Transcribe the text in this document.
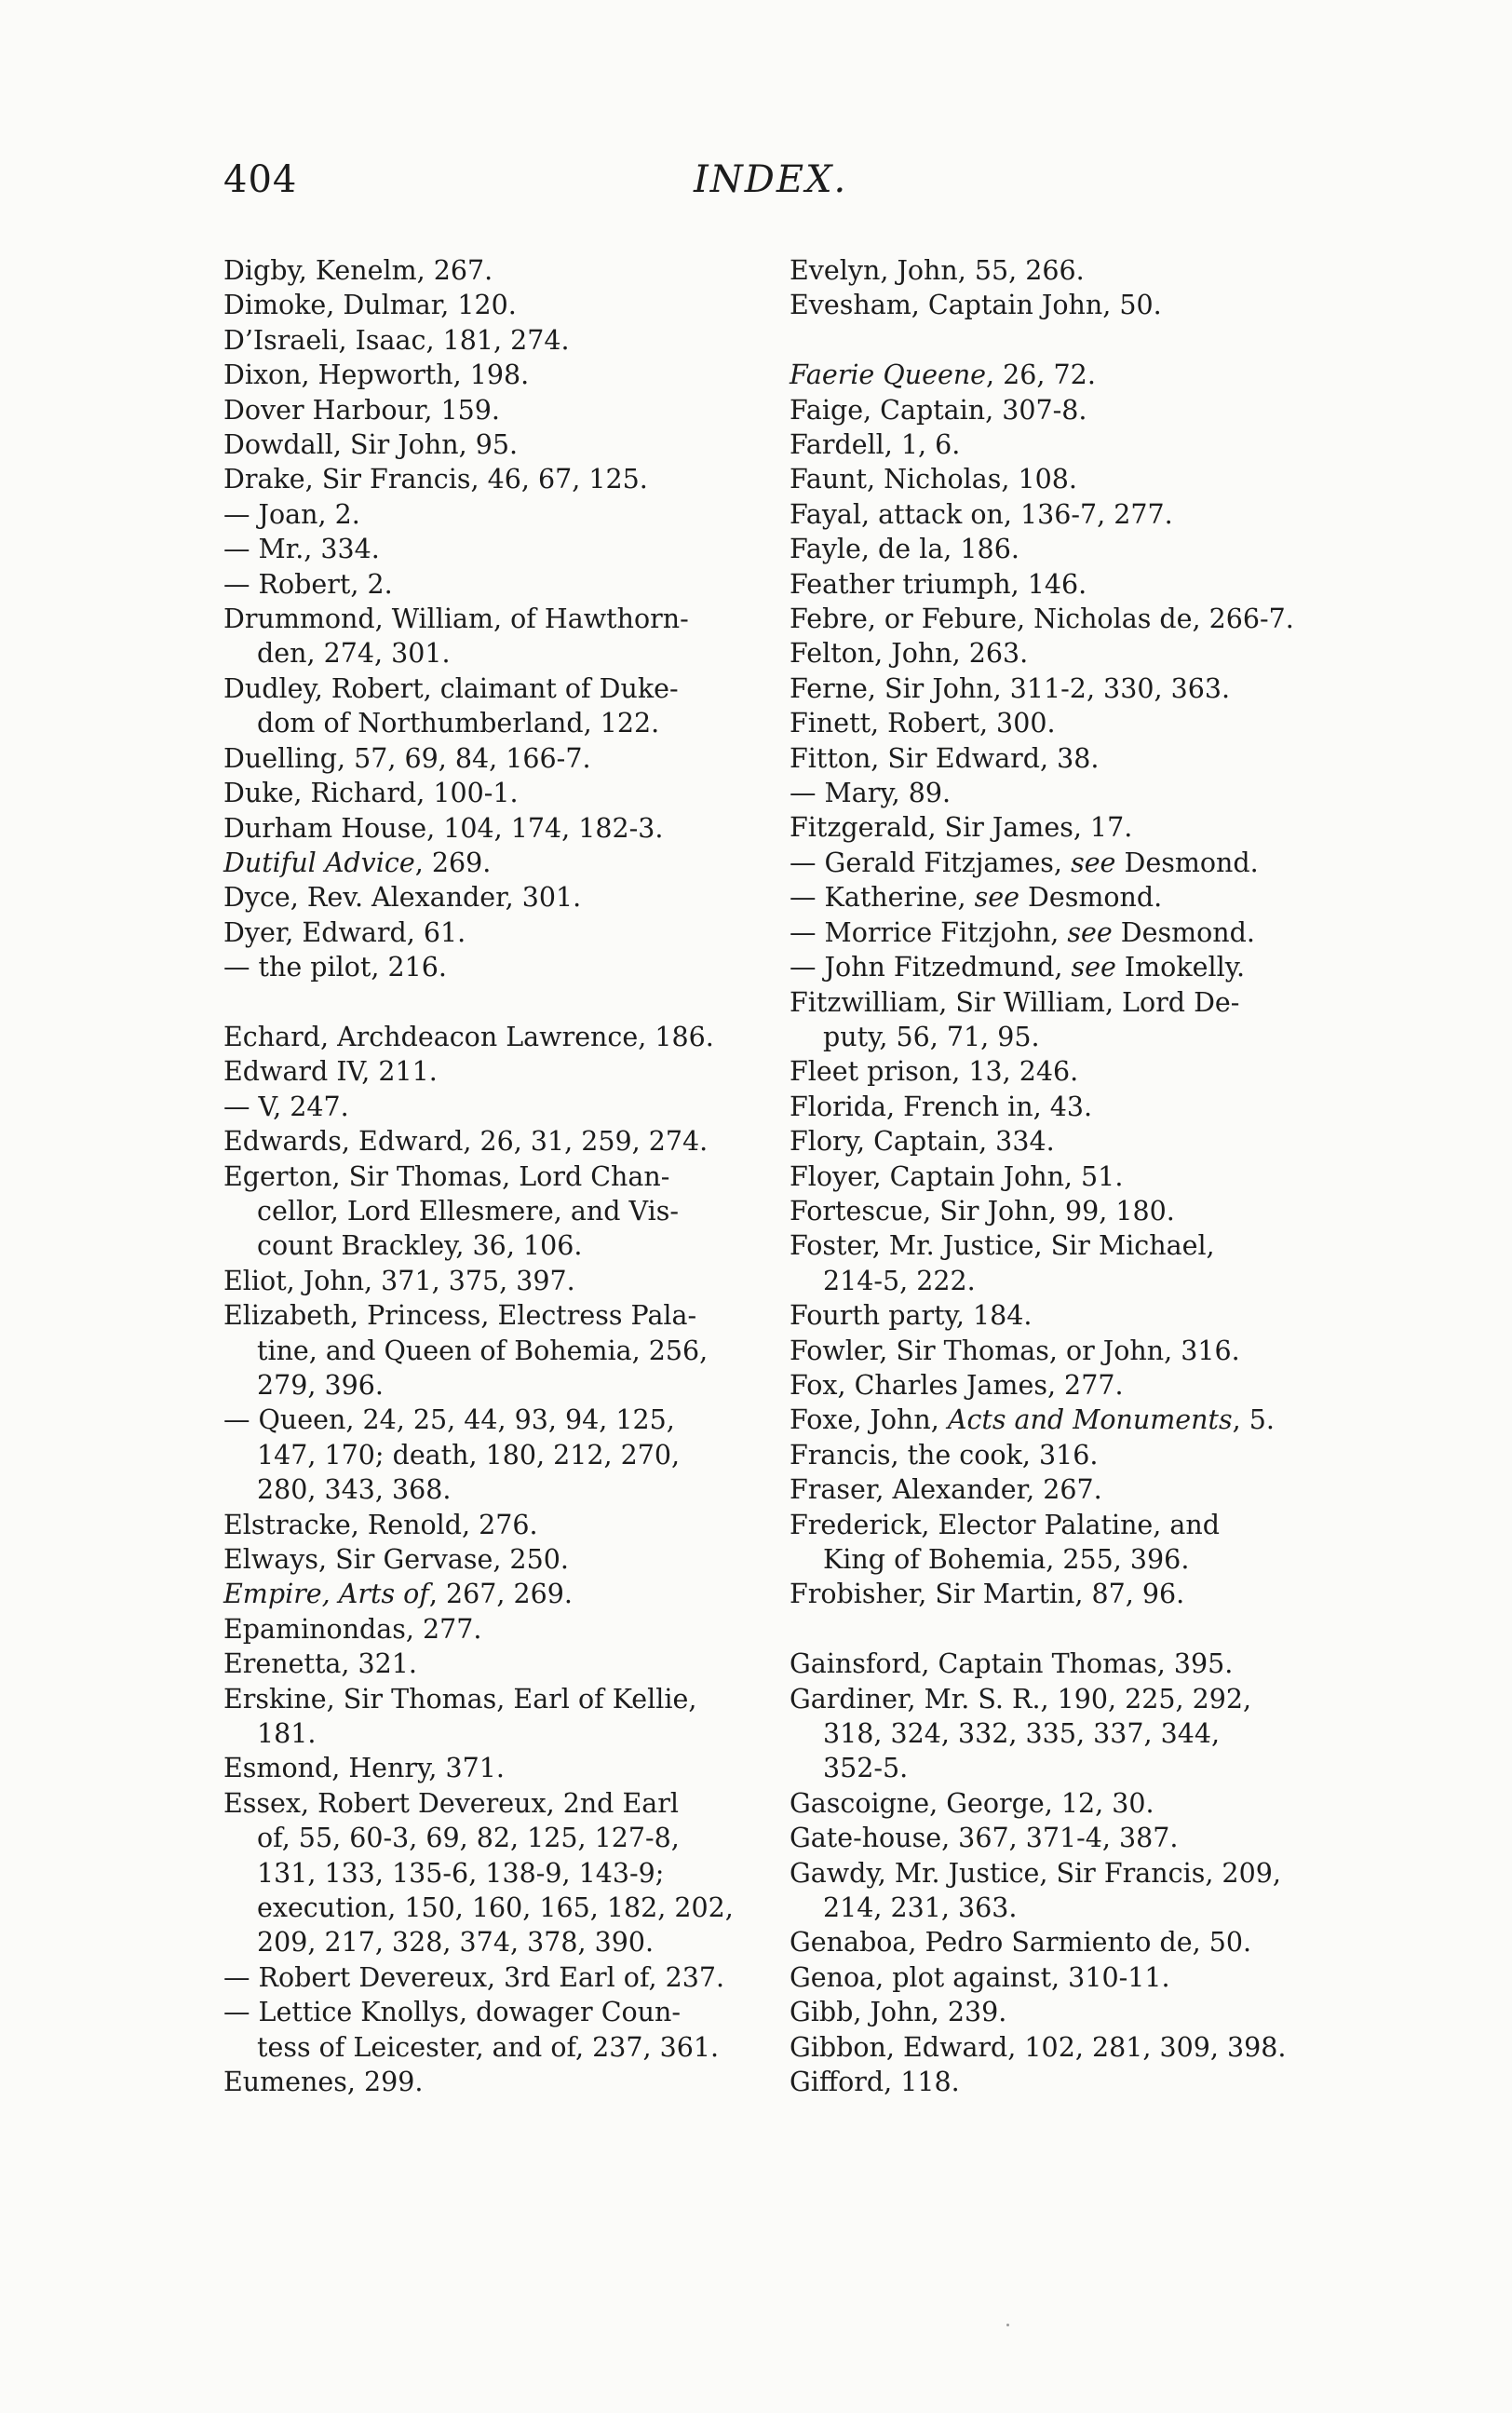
404	INDEX.
Digby, Kenelm, 267.
Dimoke, Dulmar, 120.
D’Israeli, Isaac, 181, 274.
Dixon, Hepworth, 198.
Dover Harbour, 159.
Dowdall, Sir John, 95.
Drake, Sir Francis, 46, 67, 125.
— Joan, 2.
— Mr., 334.
— Robert, 2.
Drummond, William, of Hawthorn-
den, 274, 301.
Dudley, Robert, claimant of Duke-
dom of Northumberland, 122.
Duelling, 57, 69, 84, 166-7.
Duke, Richard, 100-1.
Durham House, 104, 174, 182-3.
Dutiful Advice, 269.
Dyce, Rev. Alexander, 301.
Dyer, Edward, 61.
— the pilot, 216.
Echard, Archdeacon Lawrence, 186.
Edward IV, 211.
— V, 247.
Edwards, Edward, 26, 31, 259, 274.
Egerton, Sir Thomas, Lord Chan-
cellor, Lord Ellesmere, and Vis-
count Brackley, 36, 106.
Eliot, John, 371, 375, 397.
Elizabeth, Princess, Electress Pala-
tine, and Queen of Bohemia, 256,
279, 396.
— Queen, 24, 25, 44, 93, 94, 125,
147, 170; death, 180, 212, 270,
280, 343, 368.
Elstracke, Renold, 276.
Elways, Sir Gervase, 250.
Empire, Arts of, 267, 269.
Epaminondas, 277.
Erenetta, 321.
Erskine, Sir Thomas, Earl of Kellie,
181.
Esmond, Henry, 371.
Essex, Robert Devereux, 2nd Earl
of, 55, 60-3, 69, 82, 125, 127-8,
131, 133, 135-6, 138-9, 143-9;
execution, 150, 160, 165, 182, 202,
209, 217, 328, 374, 378, 390.
— Robert Devereux, 3rd Earl of, 237.
— Lettice Knollys, dowager Coun-
tess of Leicester, and of, 237, 361.
Eumenes, 299.
Evelyn, John, 55, 266.
Evesham, Captain John, 50.
Faerie Queene, 26, 72.
Faige, Captain, 307-8.
Fardell, 1, 6.
Faunt, Nicholas, 108.
Fayal, attack on, 136-7, 277.
Fayle, de la, 186.
Feather triumph, 146.
Febre, or Febure, Nicholas de, 266-7.
Felton, John, 263.
Ferne, Sir John, 311-2, 330, 363.
Finett, Robert, 300.
Fitton, Sir Edward, 38.
— Mary, 89.
Fitzgerald, Sir James, 17.
— Gerald Fitzjames, see Desmond.
— Katherine, see Desmond.
— Morrice Fitzjohn, see Desmond.
— John Fitzedmund, see Imokelly.
Fitzwilliam, Sir William, Lord De-
puty, 56, 71, 95.
Fleet prison, 13, 246.
Florida, French in, 43.
Flory, Captain, 334.
Floyer, Captain John, 51.
Fortescue, Sir John, 99, 180.
Foster, Mr. Justice, Sir Michael,
214-5, 222.
Fourth party, 184.
Fowler, Sir Thomas, or John, 316.
Fox, Charles James, 277.
Foxe, John, Acts and Monuments, 5.
Francis, the cook, 316.
Fraser, Alexander, 267.
Frederick, Elector Palatine, and
King of Bohemia, 255, 396.
Frobisher, Sir Martin, 87, 96.
Gainsford, Captain Thomas, 395.
Gardiner, Mr. S. R., 190, 225, 292,
318, 324, 332, 335, 337, 344,
352-5.
Gascoigne, George, 12, 30.
Gate-house, 367, 371-4, 387.
Gawdy, Mr. Justice, Sir Francis, 209,
214, 231, 363.
Genaboa, Pedro Sarmiento de, 50.
Genoa, plot against, 310-11.
Gibb, John, 239.
Gibbon, Edward, 102, 281, 309, 398.
Gifford, 118.
